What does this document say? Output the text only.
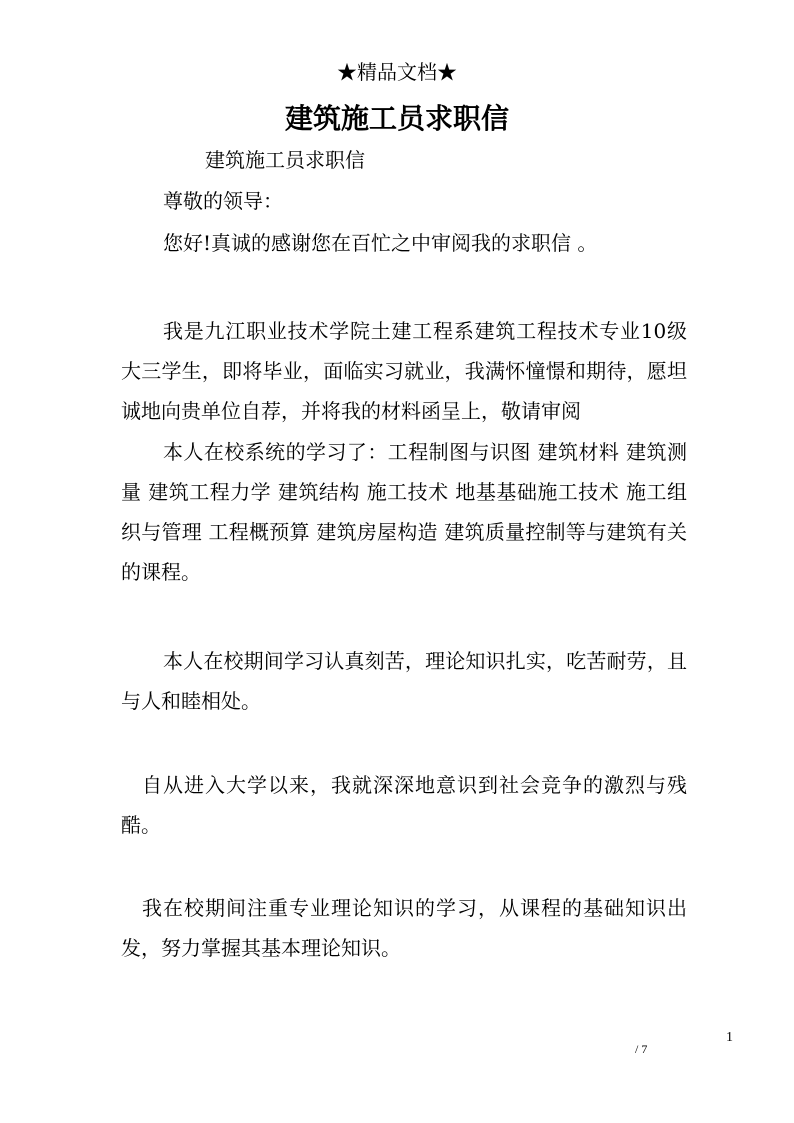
★精品文档★
建筑施工员求职信
建筑施工员求职信
尊敬的领导：
您好!真诚的感谢您在百忙之中审阅我的求职信 。
我是九江职业技术学院土建工程系建筑工程技术专业10级大三学生，即将毕业，面临实习就业，我满怀憧憬和期待，愿坦诚地向贵单位自荐，并将我的材料函呈上，敬请审阅
本人在校系统的学习了：工程制图与识图 建筑材料 建筑测量 建筑工程力学 建筑结构 施工技术 地基基础施工技术 施工组织与管理 工程概预算 建筑房屋构造 建筑质量控制等与建筑有关的课程。
本人在校期间学习认真刻苦，理论知识扎实，吃苦耐劳，且与人和睦相处。
自从进入大学以来，我就深深地意识到社会竞争的激烈与残酷。
我在校期间注重专业理论知识的学习，从课程的基础知识出发，努力掌握其基本理论知识。
1
/ 7
